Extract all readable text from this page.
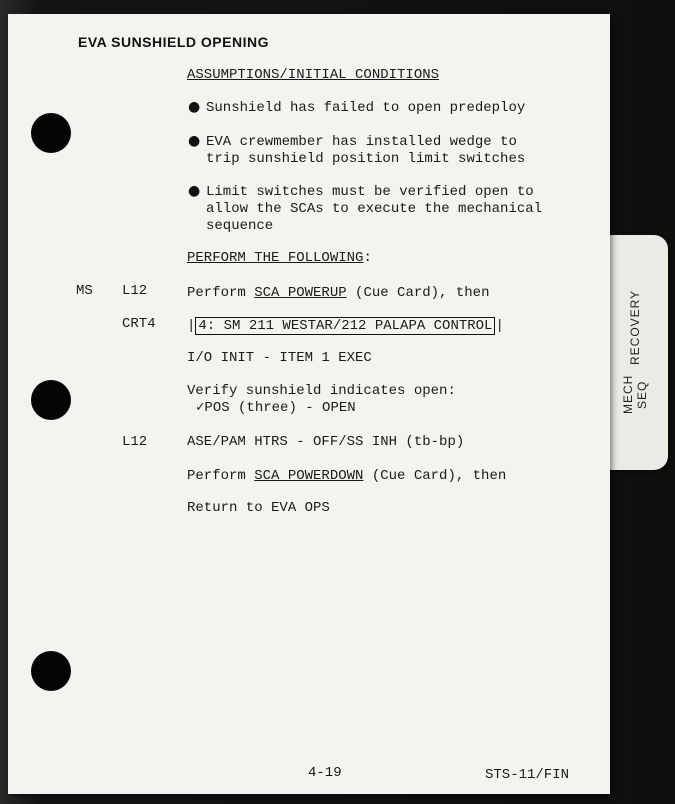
MECH SEQ
RECOVERY
EVA SUNSHIELD OPENING
ASSUMPTIONS/INITIAL CONDITIONS
● Sunshield has failed to open predeploy
● EVA crewmember has installed wedge to
trip sunshield position limit switches
● Limit switches must be verified open to
allow the SCAs to execute the mechanical
sequence
PERFORM THE FOLLOWING:
MS L12	Perform SCA POWERUP (Cue Card), then
CRT4 | 4: SM 211 WESTAR/212 PALAPA CONTROL |
I/O INIT - ITEM 1 EXEC
Verify sunshield indicates open:
✓POS (three) - OPEN
L12	ASE/PAM HTRS - OFF/SS INH (tb-bp)
Perform SCA POWERDOWN (Cue Card), then
Return to EVA OPS
4-19	STS-11/FIN
